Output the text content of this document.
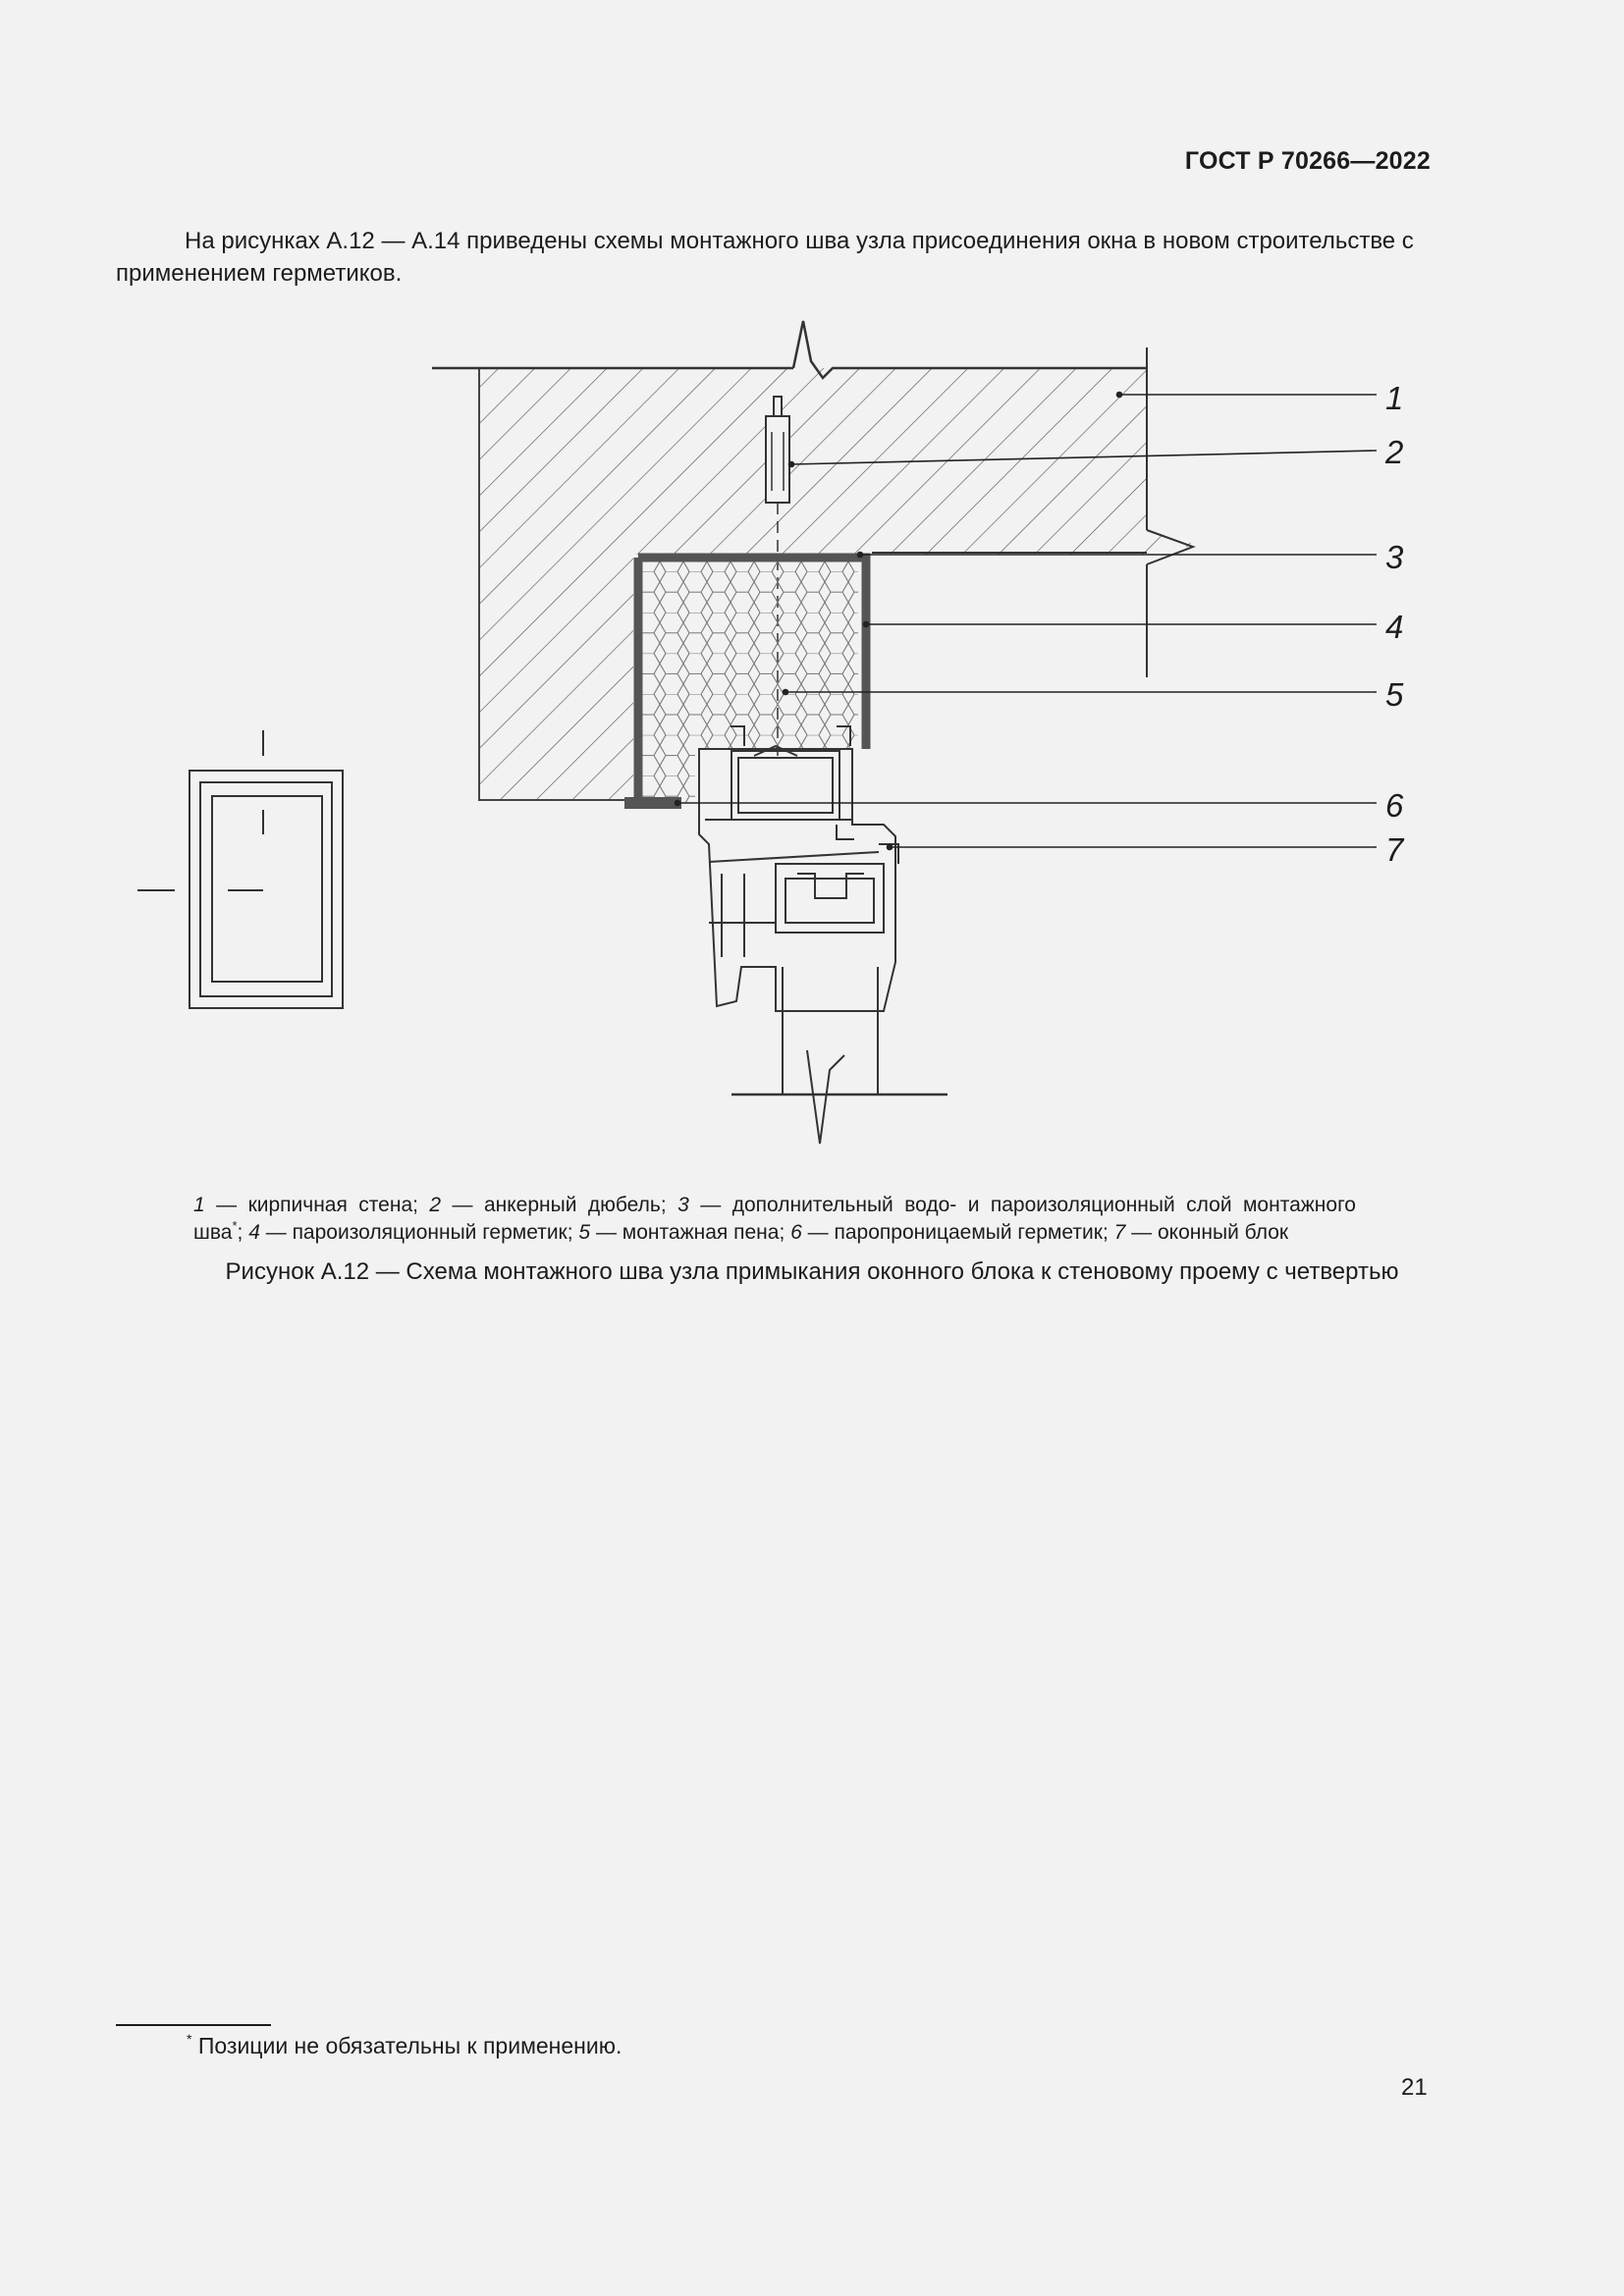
ГОСТ Р 70266—2022
На рисунках А.12 — А.14 приведены схемы монтажного шва узла присоединения окна в новом строительстве с применением герметиков.
1
2
3
4
5
6
7
1 — кирпичная стена; 2 — анкерный дюбель; 3 — дополнительный водо- и пароизоляционный слой монтажного
шва*; 4 — пароизоляционный герметик; 5 — монтажная пена; 6 — паропроницаемый герметик; 7 — оконный блок
Рисунок А.12 — Схема монтажного шва узла примыкания оконного блока к стеновому проему с четвертью
* Позиции не обязательны к применению.
21
